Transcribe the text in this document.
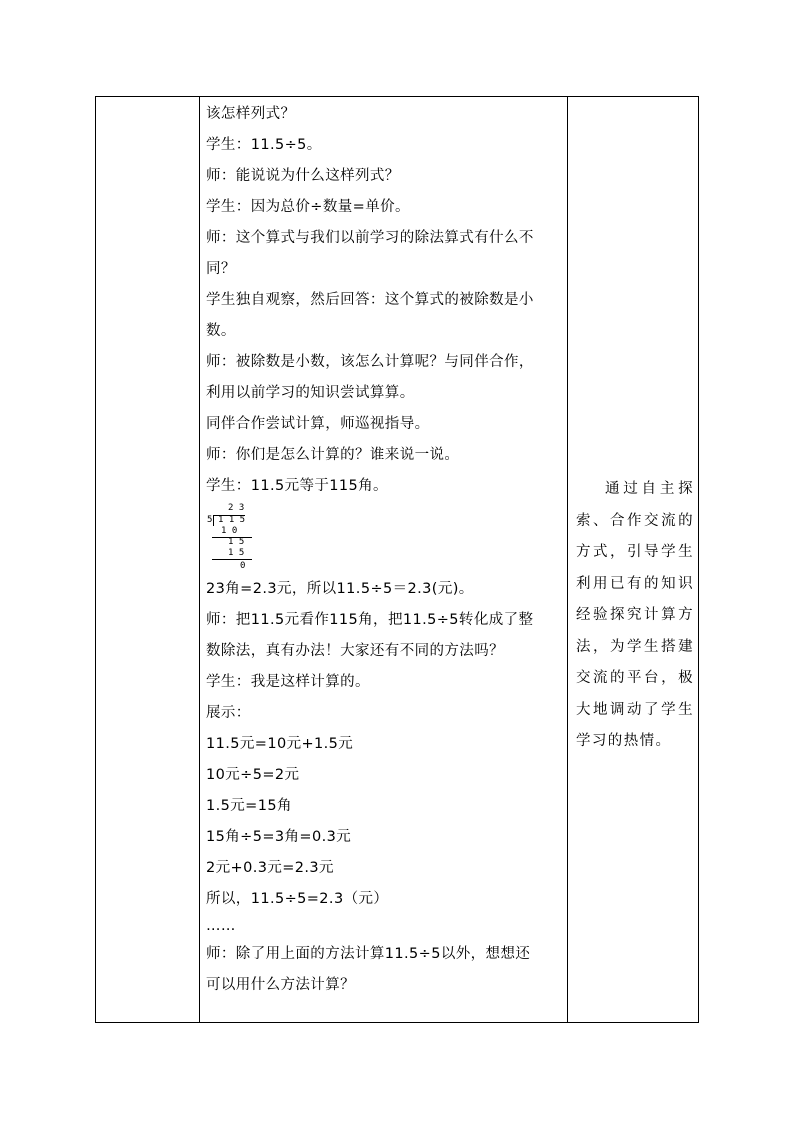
该怎样列式？
学生：11.5÷5。
师：能说说为什么这样列式？
学生：因为总价÷数量=单价。
师：这个算式与我们以前学习的除法算式有什么不
同？
学生独自观察，然后回答：这个算式的被除数是小
数。
师：被除数是小数，该怎么计算呢？与同伴合作，
利用以前学习的知识尝试算算。
同伴合作尝试计算，师巡视指导。
师：你们是怎么计算的？谁来说一说。
学生：11.5元等于115角。
2 3
5 1 1 5
1 0
1 5
1 5
0
23角=2.3元，所以11.5÷5＝2.3(元)。
师：把11.5元看作115角，把11.5÷5转化成了整
数除法，真有办法！大家还有不同的方法吗？
学生：我是这样计算的。
展示：
11.5元=10元+1.5元
10元÷5=2元
1.5元=15角
15角÷5=3角=0.3元
2元+0.3元=2.3元
所以，11.5÷5=2.3（元）
……
师：除了用上面的方法计算11.5÷5以外，想想还
可以用什么方法计算？
通过自主探索、合作交流的方式，引导学生利用已有的知识经验探究计算方法，为学生搭建交流的平台，极大地调动了学生学习的热情。
